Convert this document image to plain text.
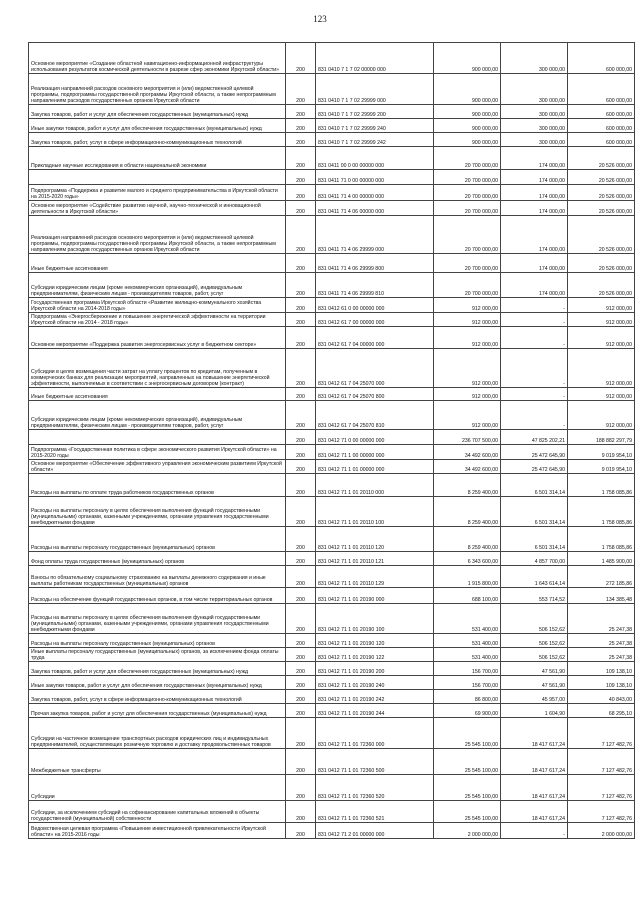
123
Основное мероприятие «Создание областной навигационно-информационной инфраструктуры использования результатов космической деятельности в разрезе сфер экономики Иркутской области»	200	831 0410 7 1 7 02 00000 000	900 000,00	300 000,00	600 000,00
Реализация направлений расходов основного мероприятия и (или) ведомственной целевой программы, подпрограммы государственной программы Иркутской области, а также непрограммным направлениям расходов государственных органов Иркутской области	200	831 0410 7 1 7 02 29999 000	900 000,00	300 000,00	600 000,00
Закупка товаров, работ и услуг для обеспечения государственных (муниципальных) нужд	200	831 0410 7 1 7 02 29999 200	900 000,00	300 000,00	600 000,00
Иные закупки товаров, работ и услуг для обеспечения государственных (муниципальных) нужд	200	831 0410 7 1 7 02 29999 240	900 000,00	300 000,00	600 000,00
Закупка товаров, работ, услуг в сфере информационно-коммуникационных технологий	200	831 0410 7 1 7 02 29999 242	900 000,00	300 000,00	600 000,00
Прикладные научные исследования в области национальной экономики	200	831 0411 00 0 00 00000 000	20 700 000,00	174 000,00	20 526 000,00
	200	831 0411 71 0 00 00000 000	20 700 000,00	174 000,00	20 526 000,00
Подпрограмма «Поддержка и развитие малого и среднего предпринимательства в Иркутской области на 2015-2020 годы»	200	831 0411 71 4 00 00000 000	20 700 000,00	174 000,00	20 526 000,00
Основное мероприятие «Содействие развитию научной, научно-технической и инновационной деятельности в Иркутской области»	200	831 0411 71 4 06 00000 000	20 700 000,00	174 000,00	20 526 000,00
Реализация направлений расходов основного мероприятия и (или) ведомственной целевой программы, подпрограммы государственной программы Иркутской области, а также непрограммным направлениям расходов государственных органов Иркутской области	200	831 0411 71 4 06 29999 000	20 700 000,00	174 000,00	20 526 000,00
Иные бюджетные ассигнования	200	831 0411 71 4 06 29999 800	20 700 000,00	174 000,00	20 526 000,00
Субсидии юридическим лицам (кроме некоммерческих организаций), индивидуальным предпринимателям, физическим лицам - производителям товаров, работ, услуг	200	831 0411 71 4 06 29999 810	20 700 000,00	174 000,00	20 526 000,00
Государственная программа Иркутской области «Развитие жилищно-коммунального хозяйства Иркутской области на 2014-2018 годы»	200	831 0412 61 0 00 00000 000	912 000,00	-	912 000,00
Подпрограмма «Энергосбережение и повышение энергетической эффективности на территории Иркутской области на 2014 - 2018 годы»	200	831 0412 61 7 00 00000 000	912 000,00	-	912 000,00
Основное мероприятие «Поддержка развития энергосервисных услуг в бюджетном секторе»	200	831 0412 61 7 04 00000 000	912 000,00	-	912 000,00
Субсидии в целях возмещения части затрат на уплату процентов по кредитам, полученным в коммерческих банках для реализации мероприятий, направленных на повышение энергетической эффективности, выполняемых в соответствии с энергосервисным договором (контракт)	200	831 0412 61 7 04 25070 000	912 000,00	-	912 000,00
Иные бюджетные ассигнования	200	831 0412 61 7 04 25070 800	912 000,00	-	912 000,00
Субсидии юридическим лицам (кроме некоммерческих организаций), индивидуальным предпринимателям, физическим лицам - производителям товаров, работ, услуг	200	831 0412 61 7 04 25070 810	912 000,00	-	912 000,00
	200	831 0412 71 0 00 00000 000	236 707 500,00	47 825 202,21	188 882 297,79
Подпрограмма «Государственная политика в сфере экономического развития Иркутской области» на 2015-2020 годы	200	831 0412 71 1 00 00000 000	34 492 600,00	25 472 645,90	9 019 954,10
Основное мероприятие «Обеспечение эффективного управления экономическим развитием Иркутской области»	200	831 0412 71 1 01 00000 000	34 492 600,00	25 472 645,90	9 019 954,10
Расходы на выплаты по оплате труда работников государственных органов	200	831 0412 71 1 01 20110 000	8 259 400,00	6 501 314,14	1 758 085,86
Расходы на выплаты персоналу в целях обеспечения выполнения функций государственными (муниципальными) органами, казенными учреждениями, органами управления государственными внебюджетными фондами	200	831 0412 71 1 01 20110 100	8 259 400,00	6 501 314,14	1 758 085,86
Расходы на выплаты персоналу государственных (муниципальных) органов	200	831 0412 71 1 01 20110 120	8 259 400,00	6 501 314,14	1 758 085,86
Фонд оплаты труда государственных (муниципальных) органов	200	831 0412 71 1 01 20110 121	6 343 600,00	4 857 700,00	1 485 900,00
Взносы по обязательному социальному страхованию на выплаты денежного содержания и иные выплаты работникам государственных (муниципальных) органов	200	831 0412 71 1 01 20110 129	1 915 800,00	1 643 614,14	272 185,86
Расходы на обеспечение функций государственных органов, в том числе территориальных органов	200	831 0412 71 1 01 20190 000	688 100,00	553 714,52	134 385,48
Расходы на выплаты персоналу в целях обеспечения выполнения функций государственными (муниципальными) органами, казенными учреждениями, органами управления государственными внебюджетными фондами	200	831 0412 71 1 01 20190 100	531 400,00	506 152,62	25 247,38
Расходы на выплаты персоналу государственных (муниципальных) органов	200	831 0412 71 1 01 20190 120	531 400,00	506 152,62	25 247,38
Иные выплаты персоналу государственных (муниципальных) органов, за исключением фонда оплаты труда	200	831 0412 71 1 01 20190 122	531 400,00	506 152,62	25 247,38
Закупка товаров, работ и услуг для обеспечения государственных (муниципальных) нужд	200	831 0412 71 1 01 20190 200	156 700,00	47 561,90	109 138,10
Иные закупки товаров, работ и услуг для обеспечения государственных (муниципальных) нужд	200	831 0412 71 1 01 20190 240	156 700,00	47 561,90	109 138,10
Закупка товаров, работ, услуг в сфере информационно-коммуникационных технологий	200	831 0412 71 1 01 20190 242	86 800,00	45 957,00	40 843,00
Прочая закупка товаров, работ и услуг для обеспечения государственных (муниципальных) нужд	200	831 0412 71 1 01 20190 244	69 900,00	1 604,90	68 295,10
Субсидии на частичное возмещение транспортных расходов юридических лиц и индивидуальных предпринимателей, осуществляющих розничную торговлю и доставку продовольственных товаров	200	831 0412 71 1 01 72360 000	25 545 100,00	18 417 617,24	7 127 482,76
Межбюджетные трансферты	200	831 0412 71 1 01 72360 500	25 545 100,00	18 417 617,24	7 127 482,76
Субсидии	200	831 0412 71 1 01 72360 520	25 545 100,00	18 417 617,24	7 127 482,76
Субсидии, за исключением субсидий на софинансирование капитальных вложений в объекты государственной (муниципальной) собственности	200	831 0412 71 1 01 72360 521	25 545 100,00	18 417 617,24	7 127 482,76
Ведомственная целевая программа «Повышение инвестиционной привлекательности Иркутской области» на 2015-2016 годы	200	831 0412 71 2 01 00000 000	2 000 000,00	-	2 000 000,00
